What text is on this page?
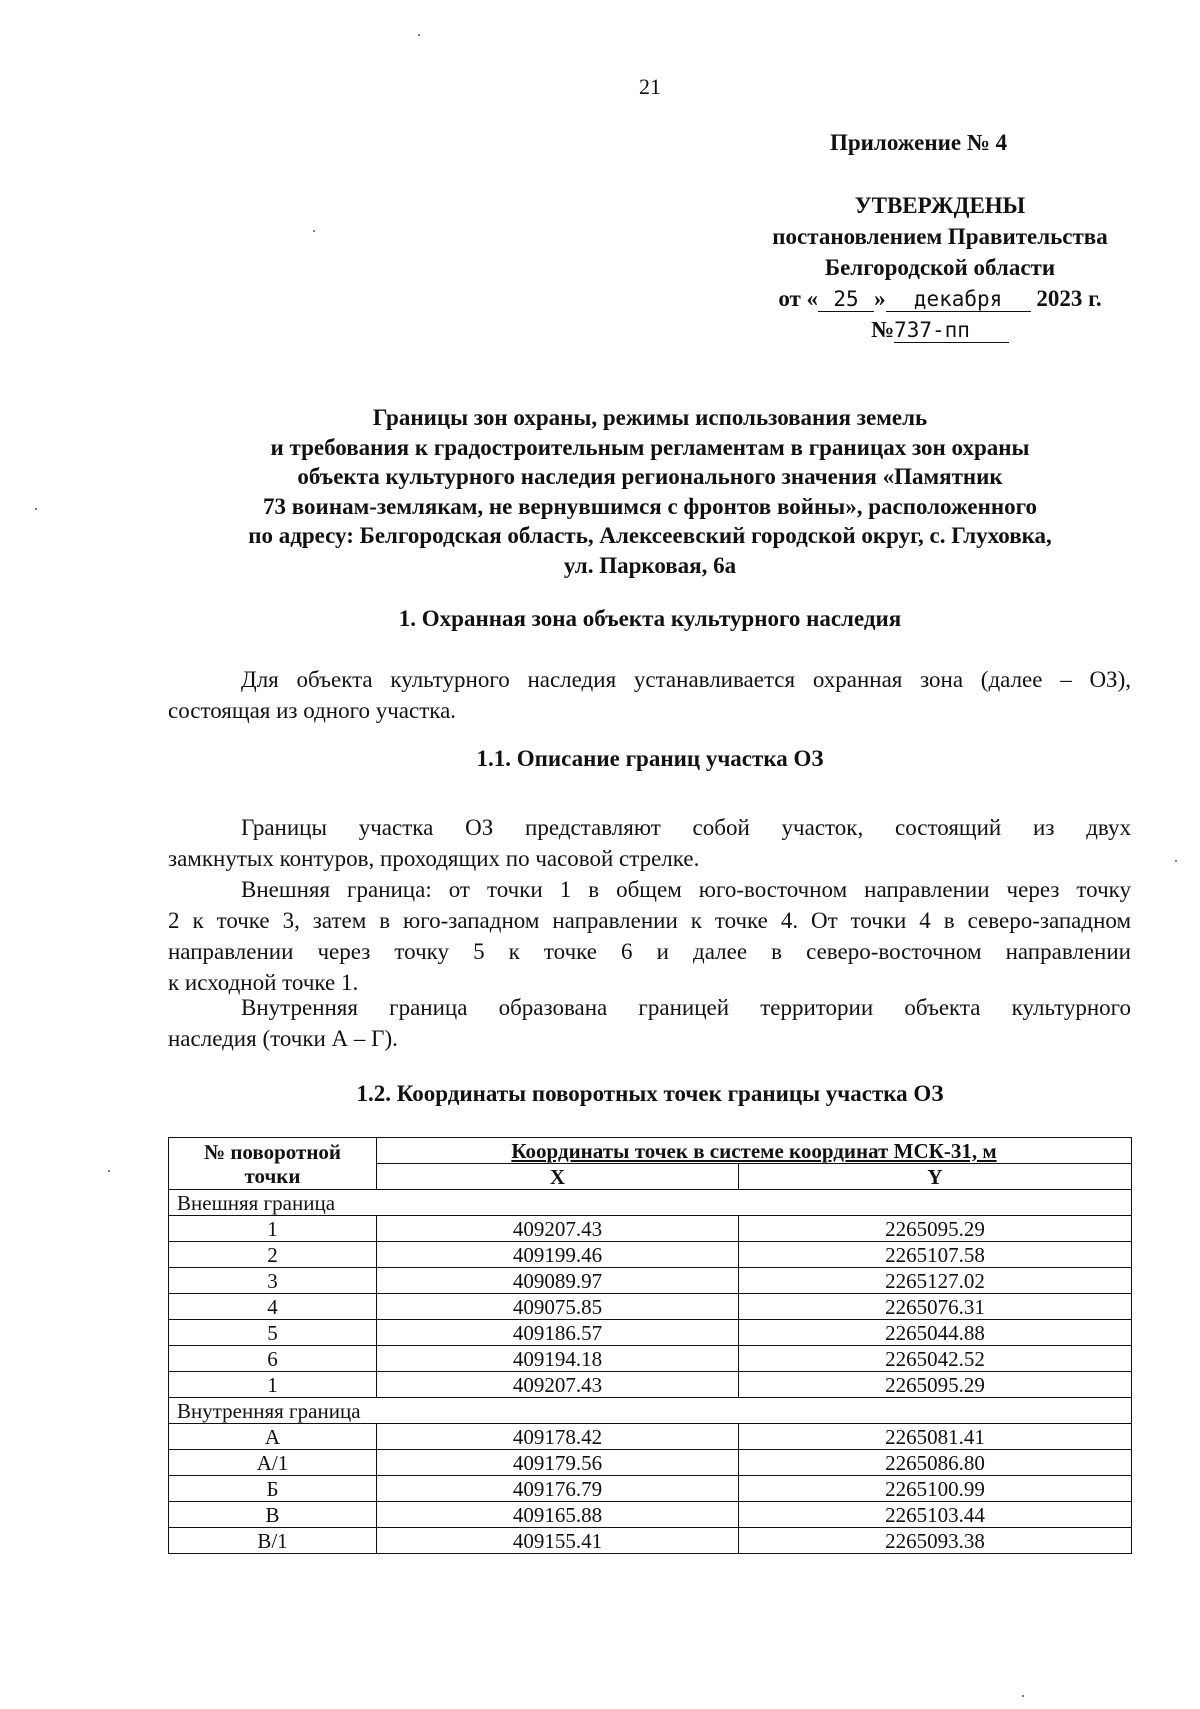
21
Приложение № 4
УТВЕРЖДЕНЫ
постановлением Правительства
Белгородской области
от « 25 » декабря 2023 г.
№737-пп
Границы зон охраны, режимы использования земель
и требования к градостроительным регламентам в границах зон охраны
объекта культурного наследия регионального значения «Памятник
73 воинам-землякам, не вернувшимся с фронтов войны», расположенного
по адресу: Белгородская область, Алексеевский городской округ, с. Глуховка,
ул. Парковая, 6а
1. Охранная зона объекта культурного наследия
Для объекта культурного наследия устанавливается охранная зона (далее – ОЗ),
состоящая из одного участка.
1.1. Описание границ участка ОЗ
Границы участка ОЗ представляют собой участок, состоящий из двух
замкнутых контуров, проходящих по часовой стрелке.
Внешняя граница: от точки 1 в общем юго-восточном направлении через точку
2 к точке 3, затем в юго-западном направлении к точке 4. От точки 4 в северо-западном
направлении через точку 5 к точке 6 и далее в северо-восточном направлении
к исходной точке 1.
Внутренняя граница образована границей территории объекта культурного
наследия (точки А – Г).
1.2. Координаты поворотных точек границы участка ОЗ
№ поворотной
точки	Координаты точек в системе координат МСК-31, м	
	X	Y
Внешняя граница		
1	409207.43	2265095.29
2	409199.46	2265107.58
3	409089.97	2265127.02
4	409075.85	2265076.31
5	409186.57	2265044.88
6	409194.18	2265042.52
1	409207.43	2265095.29
Внутренняя граница		
А	409178.42	2265081.41
А/1	409179.56	2265086.80
Б	409176.79	2265100.99
В	409165.88	2265103.44
В/1	409155.41	2265093.38
